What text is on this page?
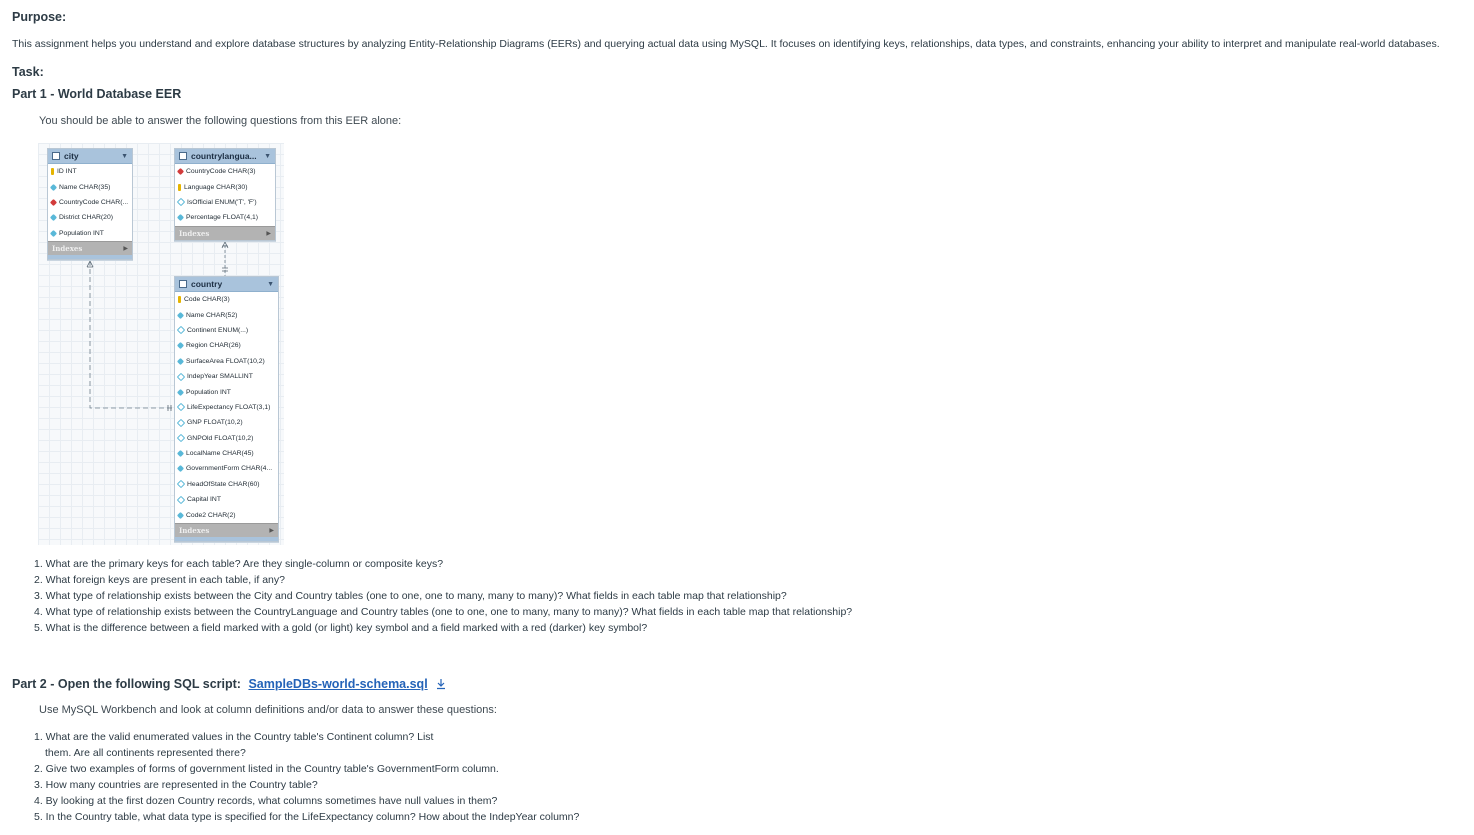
Purpose:
This assignment helps you understand and explore database structures by analyzing Entity-Relationship Diagrams (EERs) and querying actual data using MySQL. It focuses on identifying keys, relationships, data types, and constraints, enhancing your ability to interpret and manipulate real-world databases.
Task:
Part 1 - World Database EER
You should be able to answer the following questions from this EER alone:
city	▼
ID INT
Name CHAR(35)
CountryCode CHAR(...
District CHAR(20)
Population INT
Indexes	▶
countrylangua...	▼
CountryCode CHAR(3)
Language CHAR(30)
IsOfficial ENUM('T', 'F')
Percentage FLOAT(4,1)
Indexes	▶
country	▼
Code CHAR(3)
Name CHAR(52)
Continent ENUM(...)
Region CHAR(26)
SurfaceArea FLOAT(10,2)
IndepYear SMALLINT
Population INT
LifeExpectancy FLOAT(3,1)
GNP FLOAT(10,2)
GNPOld FLOAT(10,2)
LocalName CHAR(45)
GovernmentForm CHAR(4...
HeadOfState CHAR(60)
Capital INT
Code2 CHAR(2)
Indexes	▶
1. What are the primary keys for each table? Are they single-column or composite keys?
2. What foreign keys are present in each table, if any?
3. What type of relationship exists between the City and Country tables (one to one, one to many, many to many)? What fields in each table map that relationship?
4. What type of relationship exists between the CountryLanguage and Country tables (one to one, one to many, many to many)? What fields in each table map that relationship?
5. What is the difference between a field marked with a gold (or light) key symbol and a field marked with a red (darker) key symbol?
Part 2 - Open the following SQL script: SampleDBs-world-schema.sql
Use MySQL Workbench and look at column definitions and/or data to answer these questions:
1. What are the valid enumerated values in the Country table's Continent column? List
them. Are all continents represented there?
2. Give two examples of forms of government listed in the Country table's GovernmentForm column.
3. How many countries are represented in the Country table?
4. By looking at the first dozen Country records, what columns sometimes have null values in them?
5. In the Country table, what data type is specified for the LifeExpectancy column? How about the IndepYear column?
